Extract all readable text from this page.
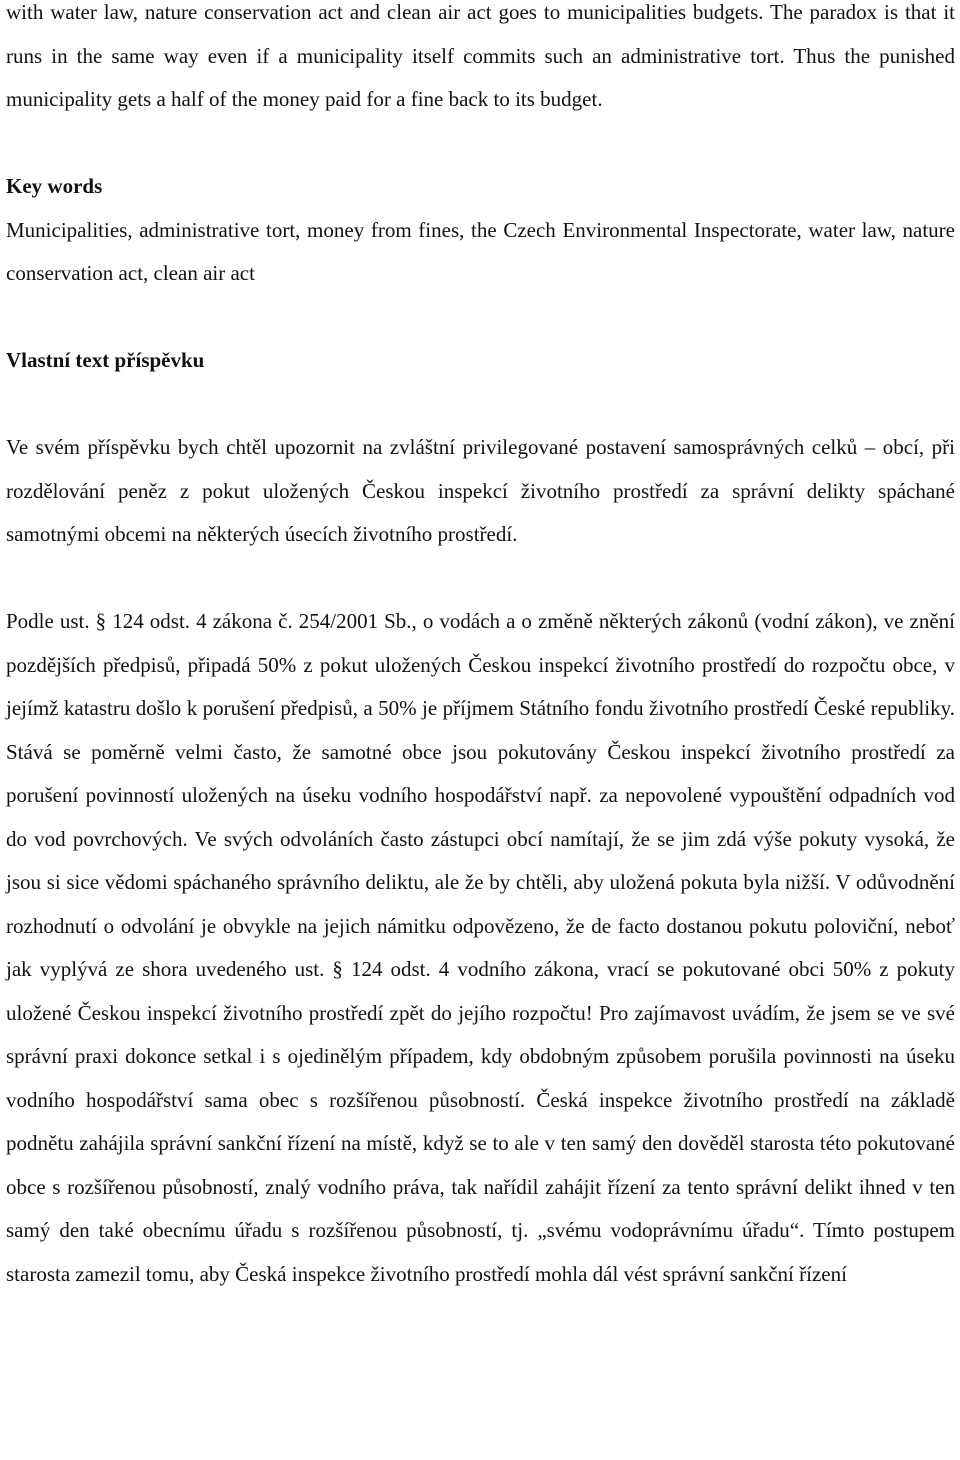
with water law, nature conservation act and clean air act goes to municipalities budgets. The paradox is that it runs in the same way even if a municipality itself commits such an administrative tort. Thus the punished municipality gets a half of the money paid for a fine back to its budget.

Key words

Municipalities, administrative tort, money from fines, the Czech Environmental Inspectorate, water law, nature conservation act, clean air act

Vlastní text příspěvku

Ve svém příspěvku bych chtěl upozornit na zvláštní privilegované postavení samosprávných celků – obcí, při rozdělování peněz z pokut uložených Českou inspekcí životního prostředí za správní delikty spáchané samotnými obcemi na některých úsecích životního prostředí.

Podle ust. § 124 odst. 4 zákona č. 254/2001 Sb., o vodách a o změně některých zákonů (vodní zákon), ve znění pozdějších předpisů, připadá 50% z pokut uložených Českou inspekcí životního prostředí do rozpočtu obce, v jejímž katastru došlo k porušení předpisů, a 50% je příjmem Státního fondu životního prostředí České republiky. Stává se poměrně velmi často, že samotné obce jsou pokutovány Českou inspekcí životního prostředí za porušení povinností uložených na úseku vodního hospodářství např. za nepovolené vypouštění odpadních vod do vod povrchových. Ve svých odvoláních často zástupci obcí namítají, že se jim zdá výše pokuty vysoká, že jsou si sice vědomi spáchaného správního deliktu, ale že by chtěli, aby uložená pokuta byla nižší. V odůvodnění rozhodnutí o odvolání je obvykle na jejich námitku odpovězeno, že de facto dostanou pokutu poloviční, neboť jak vyplývá ze shora uvedeného ust. § 124 odst. 4 vodního zákona, vrací se pokutované obci 50% z pokuty uložené Českou inspekcí životního prostředí zpět do jejího rozpočtu! Pro zajímavost uvádím, že jsem se ve své správní praxi dokonce setkal i s ojedinělým případem, kdy obdobným způsobem porušila povinnosti na úseku vodního hospodářství sama obec s rozšířenou působností. Česká inspekce životního prostředí na základě podnětu zahájila správní sankční řízení na místě, když se to ale v ten samý den dověděl starosta této pokutované obce s rozšířenou působností, znalý vodního práva, tak nařídil zahájit řízení za tento správní delikt ihned v ten samý den také obecnímu úřadu s rozšířenou působností, tj. „svému vodoprávnímu úřadu“. Tímto postupem starosta zamezil tomu, aby Česká inspekce životního prostředí mohla dál vést správní sankční řízení
